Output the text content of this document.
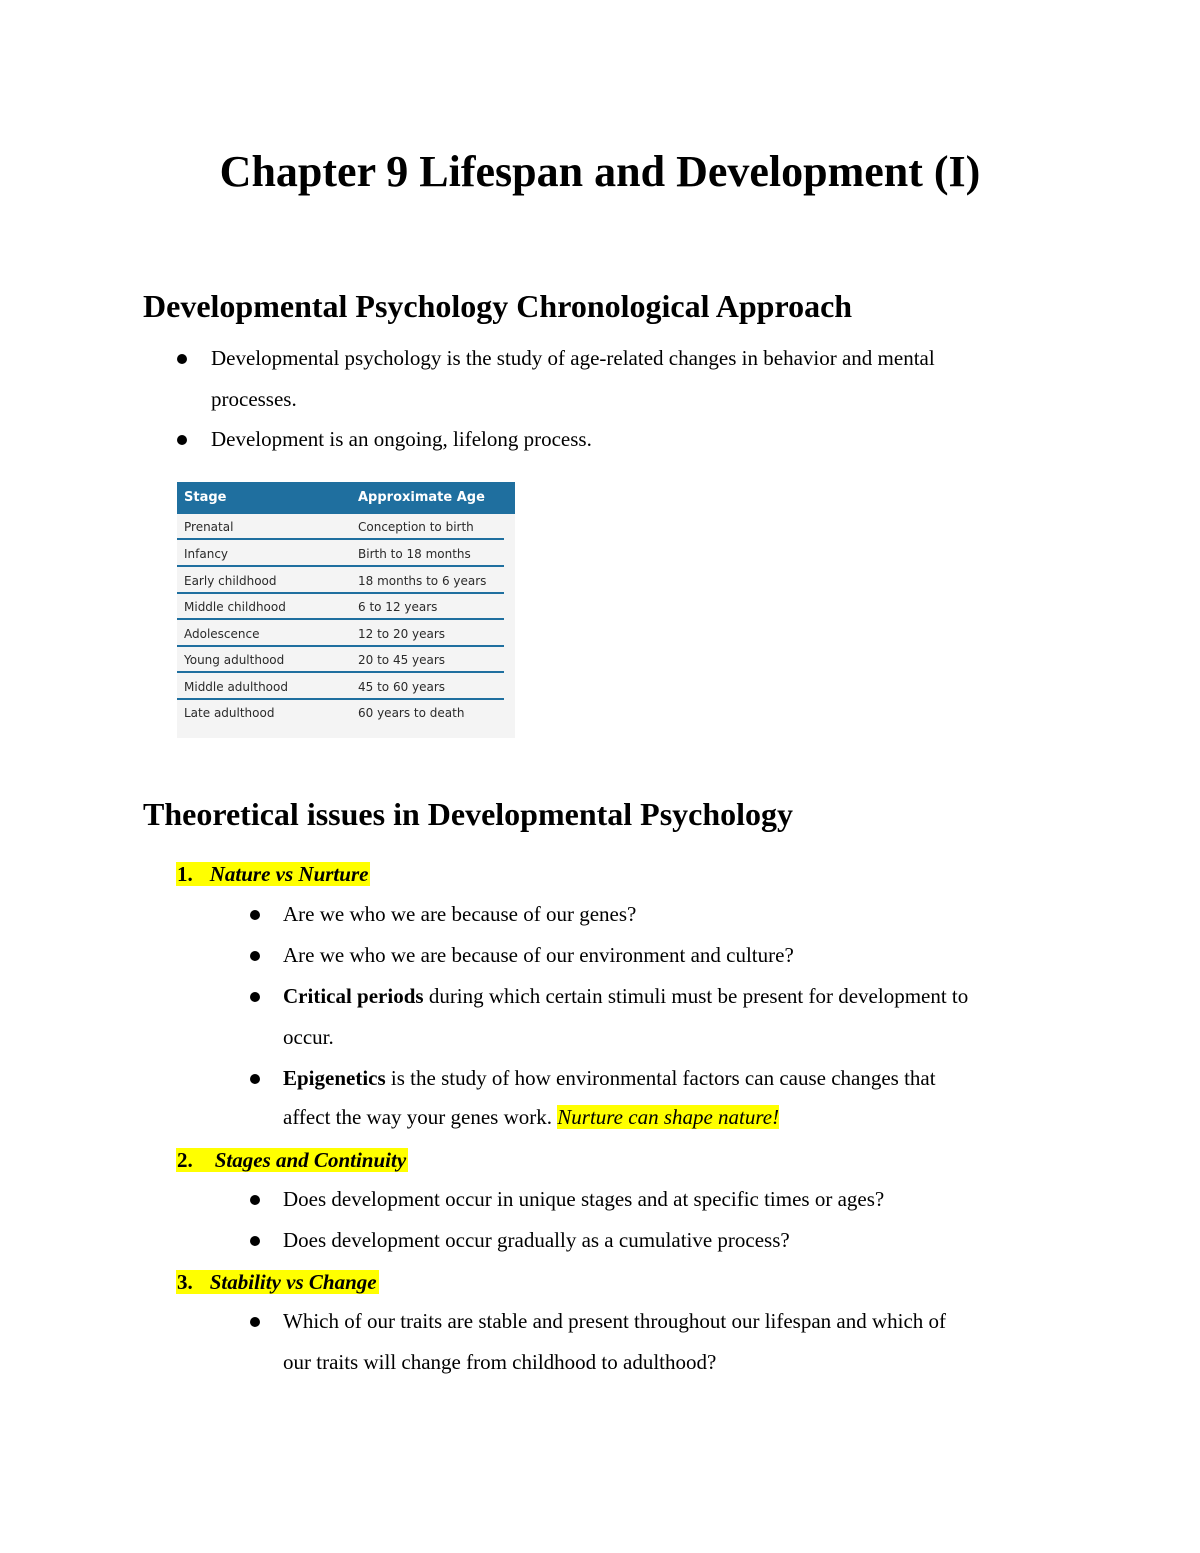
Chapter 9 Lifespan and Development (I)
Developmental Psychology Chronological Approach

Developmental psychology is the study of age-related changes in behavior and mental

processes.

Development is an ongoing, lifelong process.

Stage	Approximate Age
Prenatal	Conception to birth
Infancy	Birth to 18 months
Early childhood	18 months to 6 years
Middle childhood	6 to 12 years
Adolescence	12 to 20 years
Young adulthood	20 to 45 years
Middle adulthood	45 to 60 years
Late adulthood	60 years to death
Theoretical issues in Developmental Psychology
1. Nature vs Nurture

Are we who we are because of our genes?

Are we who we are because of our environment and culture?

Critical periods during which certain stimuli must be present for development to

occur.

Epigenetics is the study of how environmental factors can cause changes that

affect the way your genes work. Nurture can shape nature!

2. Stages and Continuity

Does development occur in unique stages and at specific times or ages?

Does development occur gradually as a cumulative process?

3. Stability vs Change

Which of our traits are stable and present throughout our lifespan and which of

our traits will change from childhood to adulthood?
